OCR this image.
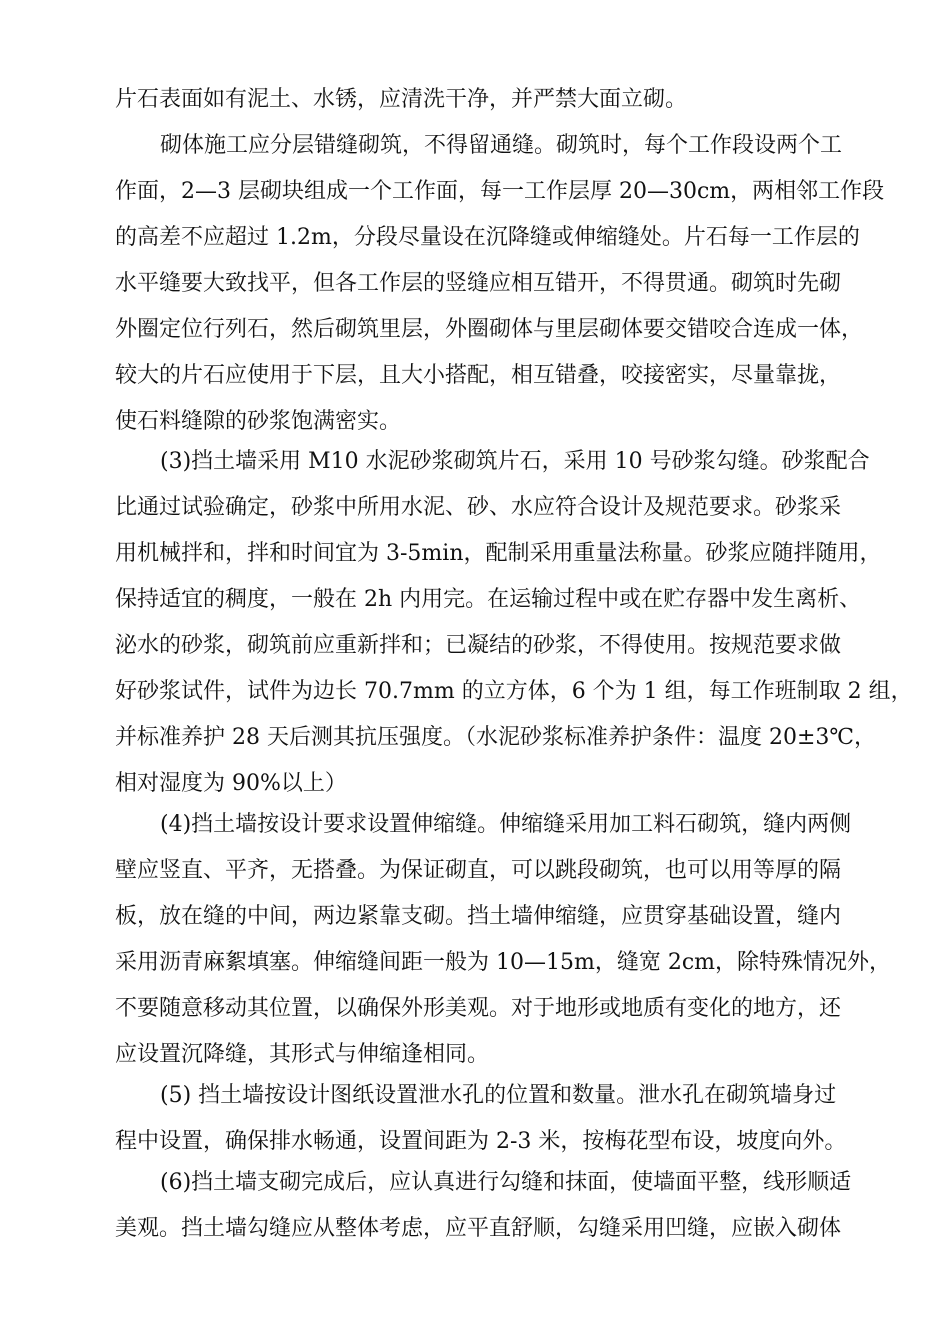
片石表面如有泥土、水锈，应清洗干净，并严禁大面立砌。
砌体施工应分层错缝砌筑，不得留通缝。砌筑时，每个工作段设两个工
作面，2—3 层砌块组成一个工作面，每一工作层厚 20—30cm，两相邻工作段
的高差不应超过 1.2m，分段尽量设在沉降缝或伸缩缝处。片石每一工作层的
水平缝要大致找平，但各工作层的竖缝应相互错开，不得贯通。砌筑时先砌
外圈定位行列石，然后砌筑里层，外圈砌体与里层砌体要交错咬合连成一体，
较大的片石应使用于下层，且大小搭配，相互错叠，咬接密实，尽量靠拢，
使石料缝隙的砂浆饱满密实。
(3)挡土墙采用 M10 水泥砂浆砌筑片石，采用 10 号砂浆勾缝。砂浆配合
比通过试验确定，砂浆中所用水泥、砂、水应符合设计及规范要求。砂浆采
用机械拌和，拌和时间宜为 3-5min，配制采用重量法称量。砂浆应随拌随用，
保持适宜的稠度，一般在 2h 内用完。在运输过程中或在贮存器中发生离析、
泌水的砂浆，砌筑前应重新拌和；已凝结的砂浆，不得使用。按规范要求做
好砂浆试件，试件为边长 70.7mm 的立方体，6 个为 1 组，每工作班制取 2 组，
并标准养护 28 天后测其抗压强度。（水泥砂浆标准养护条件：温度 20±3℃，
相对湿度为 90%以上）
(4)挡土墙按设计要求设置伸缩缝。伸缩缝采用加工料石砌筑，缝内两侧
壁应竖直、平齐，无搭叠。为保证砌直，可以跳段砌筑，也可以用等厚的隔
板，放在缝的中间，两边紧靠支砌。挡土墙伸缩缝，应贯穿基础设置，缝内
采用沥青麻絮填塞。伸缩缝间距一般为 10—15m，缝宽 2cm，除特殊情况外，
不要随意移动其位置，以确保外形美观。对于地形或地质有变化的地方，还
应设置沉降缝，其形式与伸缩逢相同。
(5) 挡土墙按设计图纸设置泄水孔的位置和数量。泄水孔在砌筑墙身过
程中设置，确保排水畅通，设置间距为 2-3 米，按梅花型布设，坡度向外。
(6)挡土墙支砌完成后，应认真进行勾缝和抹面，使墙面平整，线形顺适
美观。挡土墙勾缝应从整体考虑，应平直舒顺，勾缝采用凹缝，应嵌入砌体
